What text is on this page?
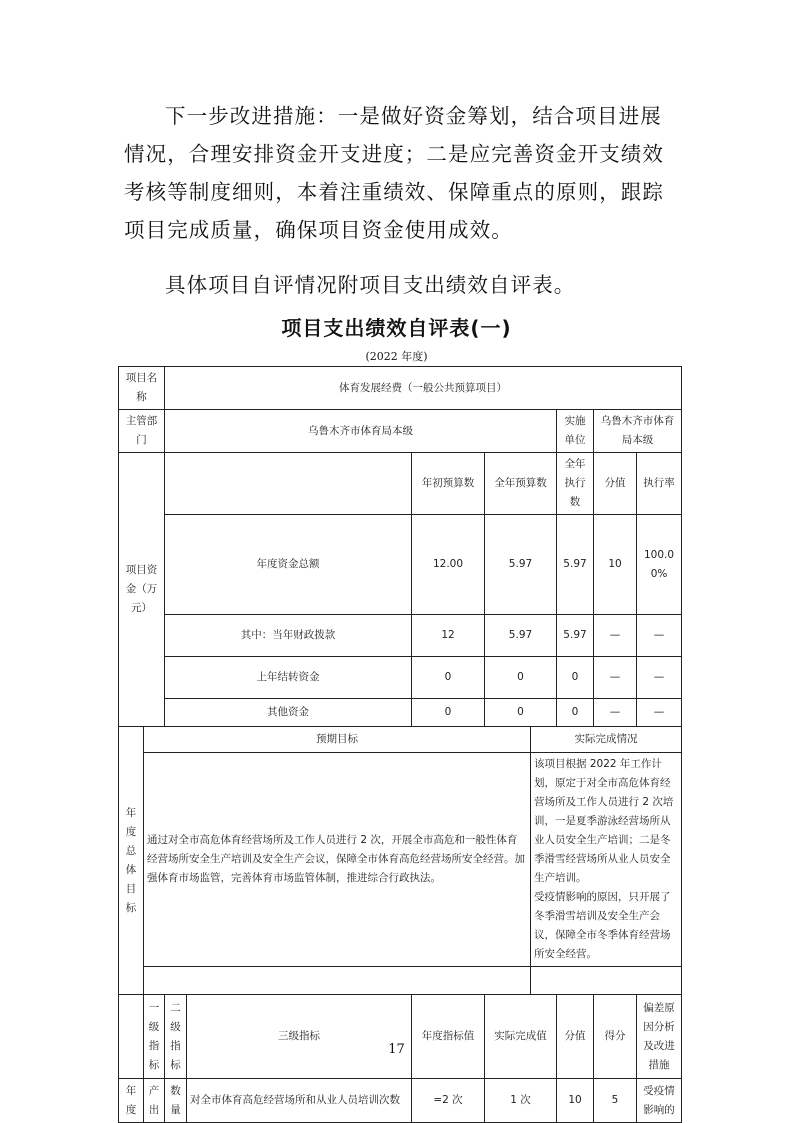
下一步改进措施：一是做好资金筹划，结合项目进展情况，合理安排资金开支进度；二是应完善资金开支绩效考核等制度细则，本着注重绩效、保障重点的原则，跟踪项目完成质量，确保项目资金使用成效。

具体项目自评情况附项目支出绩效自评表。

项目支出绩效自评表(一)
(2022 年度)
项目名称		体育发展经费（一般公共预算项目）								
主管部门		乌鲁木齐市体育局本级					实施单位	乌鲁木齐市体育局本级		
项目资金（万元）				年初预算数	全年预算数		全年执行数	分值	执行率	
		年度资金总额		12.00	5.97		5.97	10	100.00%	
		其中：当年财政拨款		12	5.97		5.97	—	—	
		上年结转资金		0	0		0	—	—	
		其他资金		0	0		0	—	—	
年度总体目标	预期目标					实际完成情况				
	通过对全市高危体育经营场所及工作人员进行 2 次，开展全市高危和一般性体育经营场所安全生产培训及安全生产会议，保障全市体育高危经营场所安全经营。加强体育市场监管，完善体育市场监管体制，推进综合行政执法。					该项目根据 2022 年工作计划，原定于对全市高危体育经营场所及工作人员进行 2 次培训，一是夏季游泳经营场所从业人员安全生产培训；二是冬季滑雪经营场所从业人员安全生产培训。
受疫情影响的原因，只开展了冬季滑雪培训及安全生产会议，保障全市冬季体育经营场所安全经营。				

	一级指标	二级指标	三级指标	年度指标值	实际完成值		分值	得分	偏差原因分析及改进措施	
年度	产出	数量	对全市体育高危经营场所和从业人员培训次数	=2 次	1 次		10	5	受疫情影响的	
17
